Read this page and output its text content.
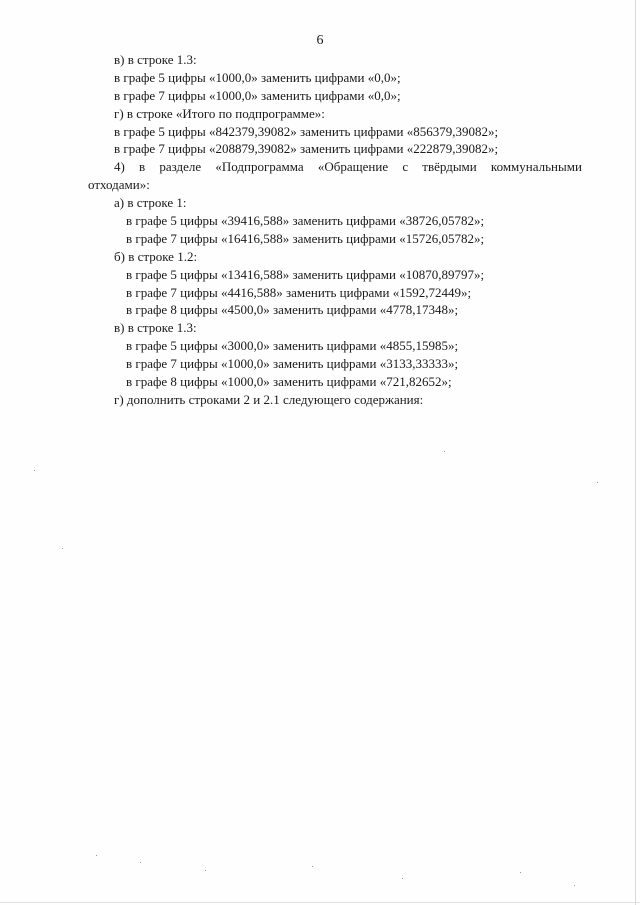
6
в) в строке 1.3:
в графе 5 цифры «1000,0» заменить цифрами «0,0»;
в графе 7 цифры «1000,0» заменить цифрами «0,0»;
г) в строке «Итого по подпрограмме»:
в графе 5 цифры «842379,39082» заменить цифрами «856379,39082»;
в графе 7 цифры «208879,39082» заменить цифрами «222879,39082»;
4) в разделе «Подпрограмма «Обращение с твёрдыми коммунальными
отходами»:
а) в строке 1:
в графе 5 цифры «39416,588» заменить цифрами «38726,05782»;
в графе 7 цифры «16416,588» заменить цифрами «15726,05782»;
б) в строке 1.2:
в графе 5 цифры «13416,588» заменить цифрами «10870,89797»;
в графе 7 цифры «4416,588» заменить цифрами «1592,72449»;
в графе 8 цифры «4500,0» заменить цифрами «4778,17348»;
в) в строке 1.3:
в графе 5 цифры «3000,0» заменить цифрами «4855,15985»;
в графе 7 цифры «1000,0» заменить цифрами «3133,33333»;
в графе 8 цифры «1000,0» заменить цифрами «721,82652»;
г) дополнить строками 2 и 2.1 следующего содержания:
